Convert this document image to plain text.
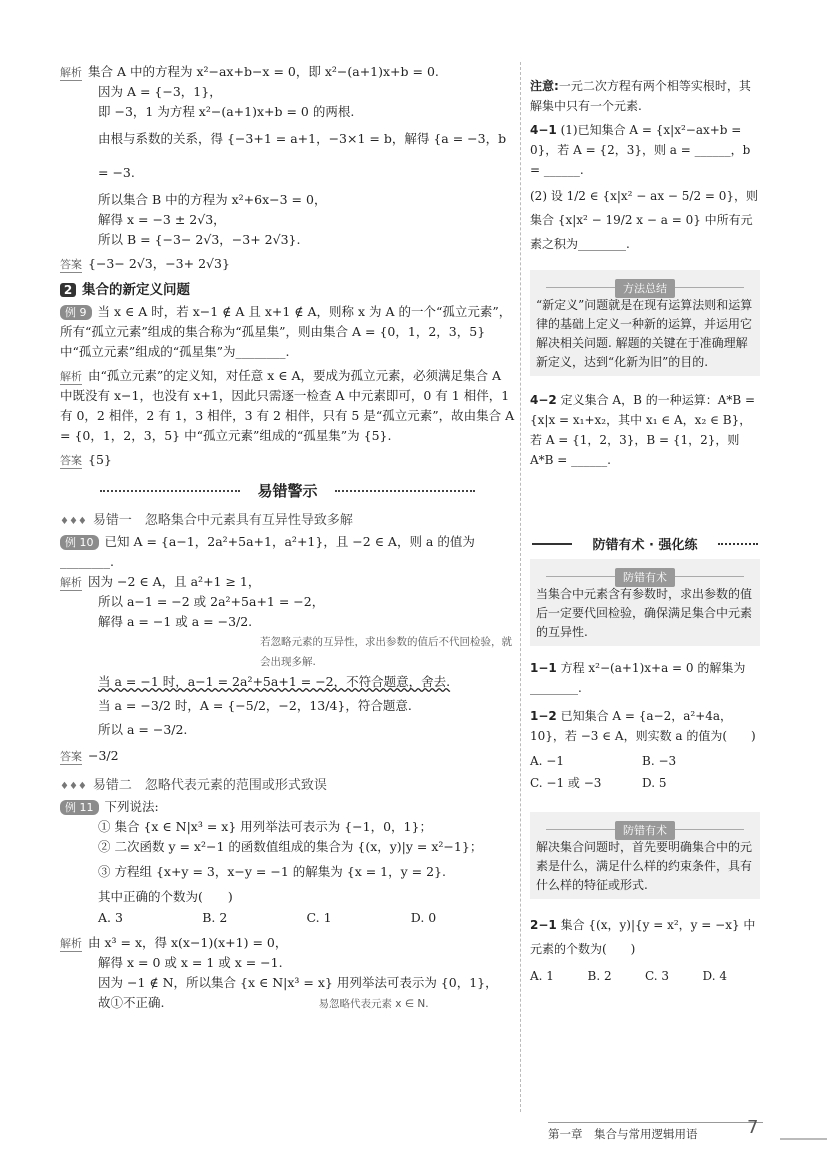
解析 集合 A 中的方程为 x²−ax+b−x = 0，即 x²−(a+1)x+b = 0.
因为 A = {−3，1}，
即 −3，1 为方程 x²−(a+1)x+b = 0 的两根.
由根与系数的关系，得 {−3+1 = a+1，−3×1 = b，解得 {a = −3，b = −3.
所以集合 B 中的方程为 x²+6x−3 = 0，
解得 x = −3 ± 2√3，
所以 B = {−3− 2√3，−3+ 2√3}.
答案 {−3− 2√3，−3+ 2√3}
2 集合的新定义问题
例 9 当 x ∈ A 时，若 x−1 ∉ A 且 x+1 ∉ A，则称 x 为 A 的一个“孤立元素”，所有“孤立元素”组成的集合称为“孤星集”，则由集合 A = {0，1，2，3，5} 中“孤立元素”组成的“孤星集”为________.
解析 由“孤立元素”的定义知，对任意 x ∈ A，要成为孤立元素，必须满足集合 A 中既没有 x−1，也没有 x+1，因此只需逐一检查 A 中元素即可，0 有 1 相伴，1 有 0，2 相伴，2 有 1，3 相伴，3 有 2 相伴，只有 5 是“孤立元素”，故由集合 A = {0，1，2，3，5} 中“孤立元素”组成的“孤星集”为 {5}.
答案 {5}
易错警示
♦♦♦ 易错一　忽略集合中元素具有互异性导致多解
例 10 已知 A = {a−1，2a²+5a+1，a²+1}，且 −2 ∈ A，则 a 的值为________.
解析 因为 −2 ∈ A，且 a²+1 ≥ 1，
所以 a−1 = −2 或 2a²+5a+1 = −2，
解得 a = −1 或 a = −3/2.
若忽略元素的互异性，求出参数的值后不代回检验，就会出现多解.
当 a = −1 时，a−1 = 2a²+5a+1 = −2，不符合题意，舍去.
当 a = −3/2 时，A = {−5/2，−2，13/4}，符合题意.
所以 a = −3/2.
答案 −3/2
♦♦♦ 易错二　忽略代表元素的范围或形式致误
例 11 下列说法:
① 集合 {x ∈ N|x³ = x} 用列举法可表示为 {−1，0，1}；
② 二次函数 y = x²−1 的函数值组成的集合为 {(x，y)|y = x²−1}；
③ 方程组 {x+y = 3，x−y = −1 的解集为 {x = 1，y = 2}.
其中正确的个数为(　　)
A. 3	B. 2	C. 1	D. 0
解析 由 x³ = x，得 x(x−1)(x+1) = 0，
解得 x = 0 或 x = 1 或 x = −1.
因为 −1 ∉ N，所以集合 {x ∈ N|x³ = x} 用列举法可表示为 {0，1}，
故①不正确.	易忽略代表元素 x ∈ N.
注意:一元二次方程有两个相等实根时，其解集中只有一个元素.
4−1 (1)已知集合 A = {x|x²−ax+b = 0}，若 A = {2，3}，则 a = ______，b = ______.
(2) 设 1/2 ∈ {x|x² − ax − 5/2 = 0}，则集合 {x|x² − 19/2 x − a = 0} 中所有元素之积为________.
方法总结
“新定义”问题就是在现有运算法则和运算律的基础上定义一种新的运算，并运用它解决相关问题. 解题的关键在于准确理解新定义，达到“化新为旧”的目的.
4−2 定义集合 A，B 的一种运算：A*B = {x|x = x₁+x₂，其中 x₁ ∈ A，x₂ ∈ B}，若 A = {1，2，3}，B = {1，2}，则 A*B = ______.
防错有术 · 强化练
防错有术
当集合中元素含有参数时，求出参数的值后一定要代回检验，确保满足集合中元素的互异性.
1−1 方程 x²−(a+1)x+a = 0 的解集为________.
1−2 已知集合 A = {a−2，a²+4a，10}，若 −3 ∈ A，则实数 a 的值为(　　)
A. −1	B. −3
C. −1 或 −3	D. 5
防错有术
解决集合问题时，首先要明确集合中的元素是什么，满足什么样的约束条件，具有什么样的特征或形式.
2−1 集合 {(x，y)|{y = x²，y = −x} 中元素的个数为(　　)
A. 1	B. 2	C. 3	D. 4
第一章　集合与常用逻辑用语	7
